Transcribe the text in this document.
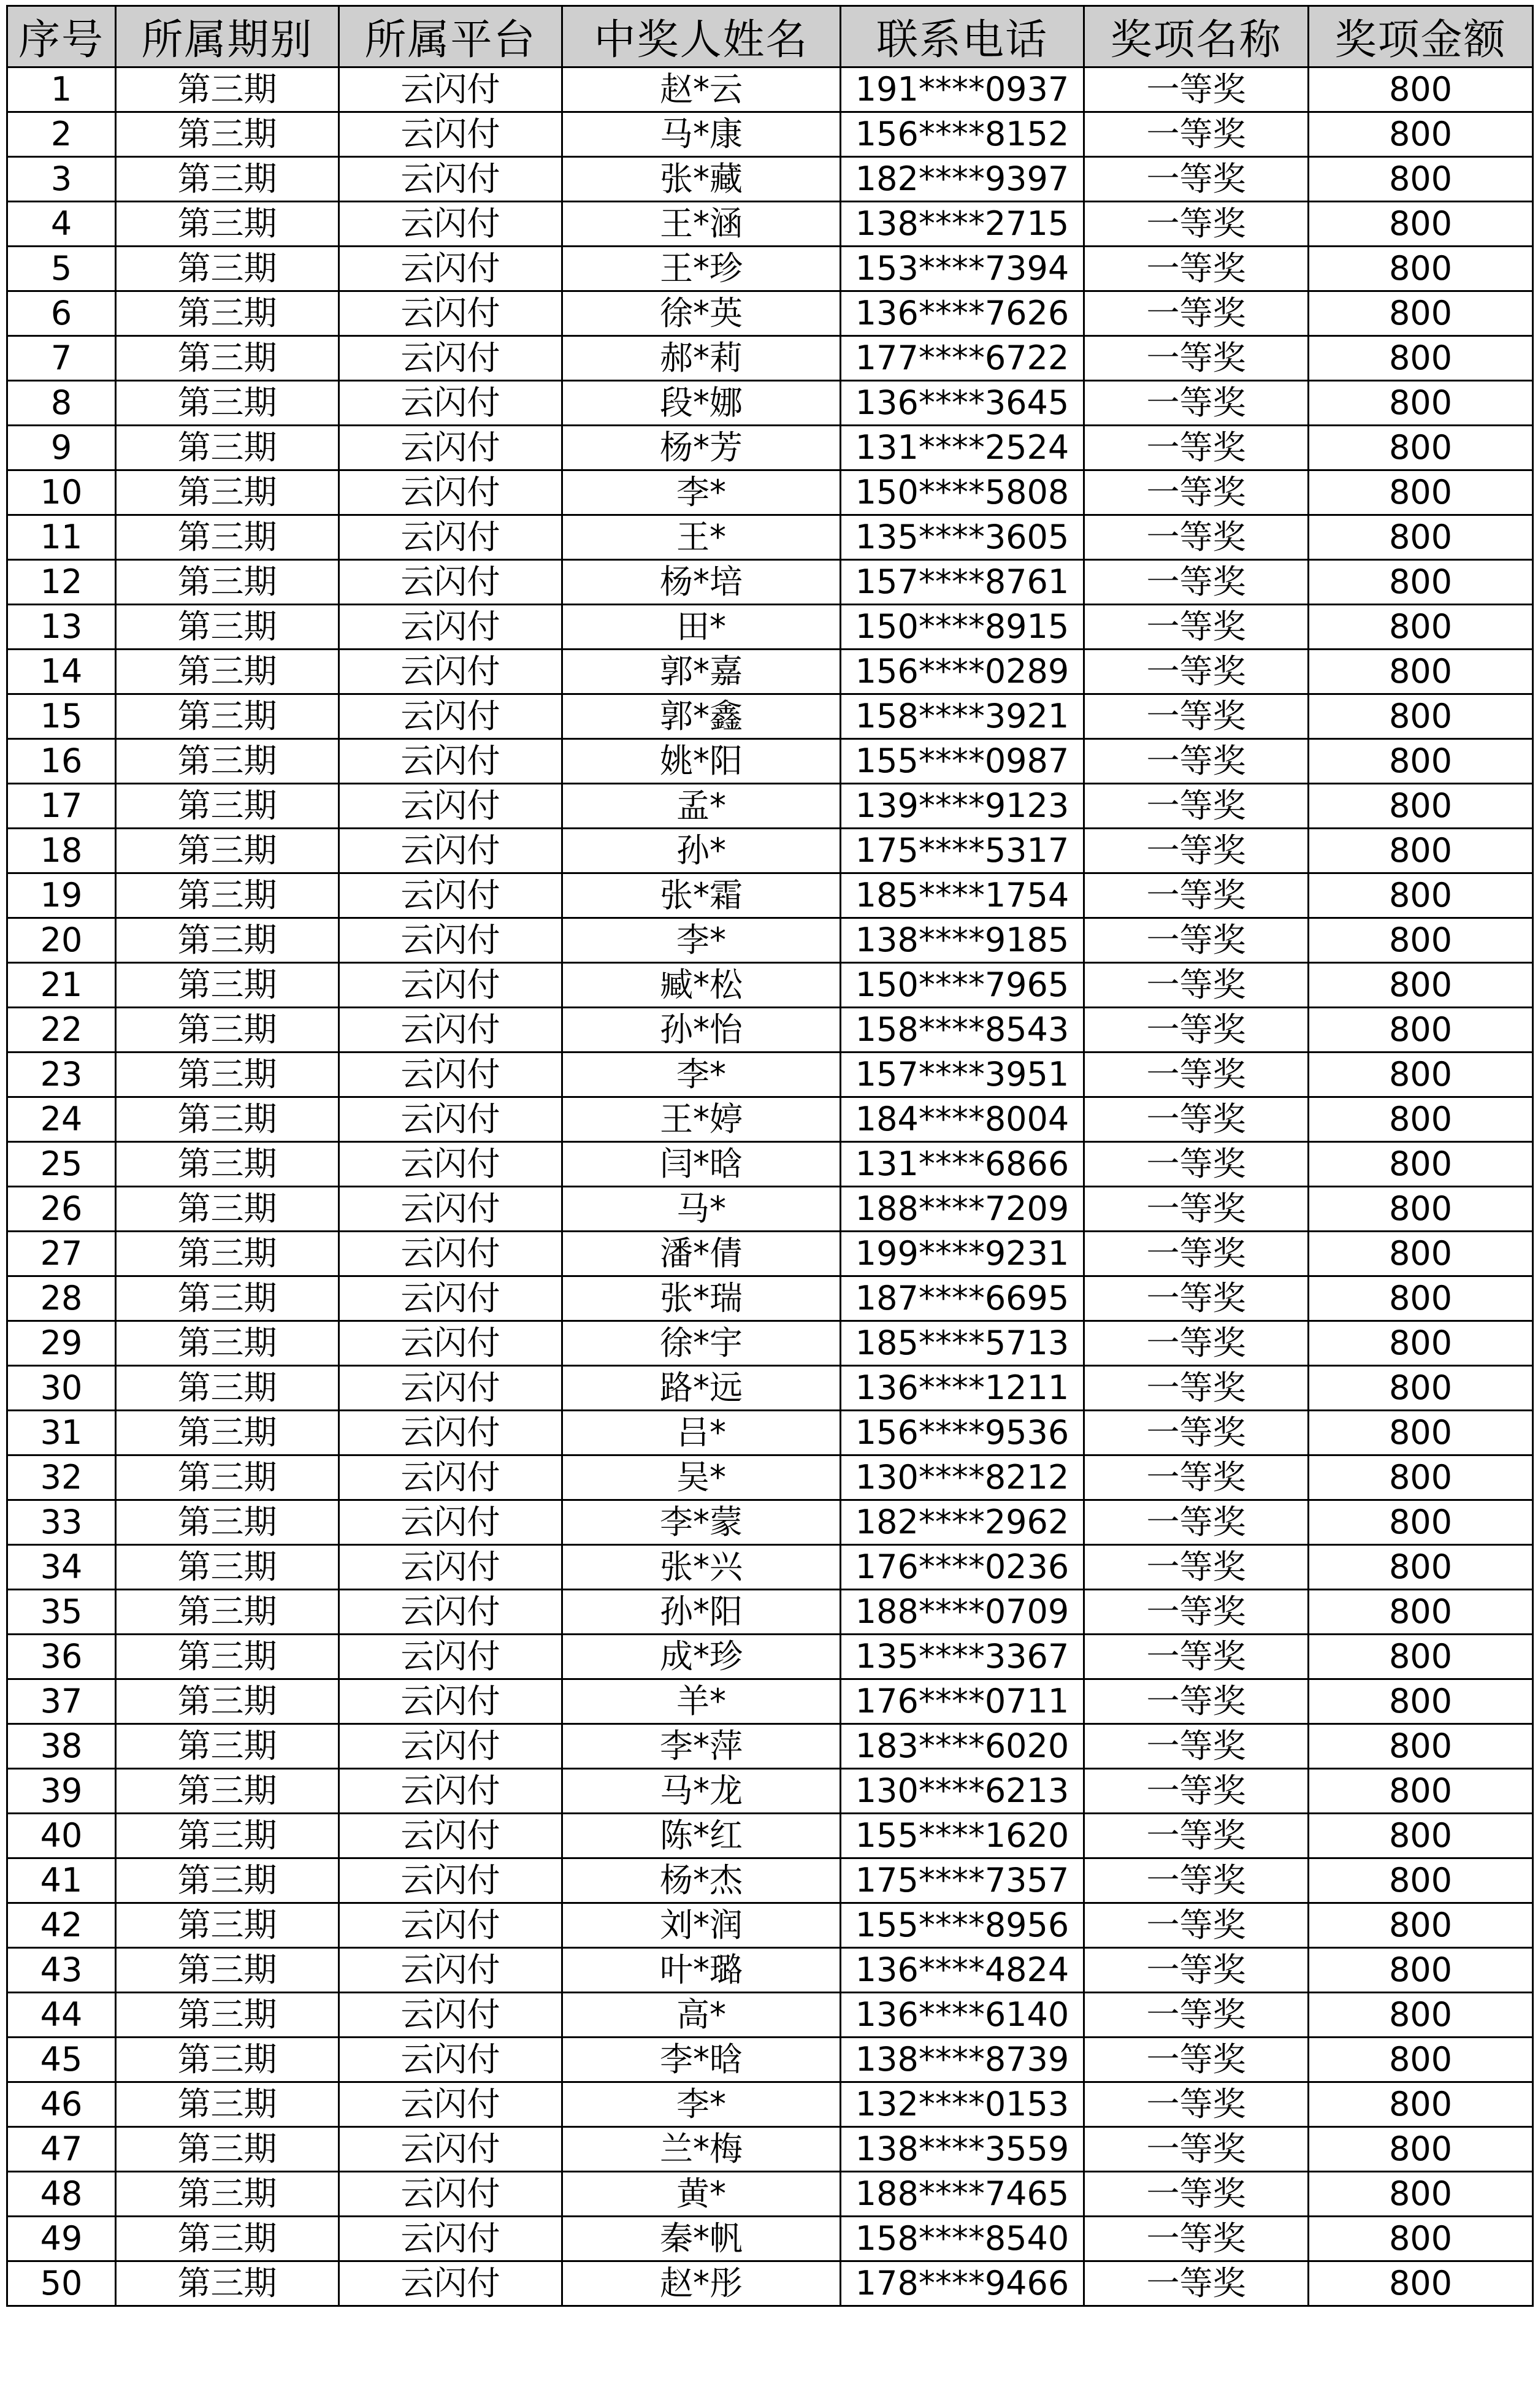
序号	所属期别	所属平台	中奖人姓名	联系电话	奖项名称	奖项金额
1	第三期	云闪付	赵*云	191****0937	一等奖	800
2	第三期	云闪付	马*康	156****8152	一等奖	800
3	第三期	云闪付	张*藏	182****9397	一等奖	800
4	第三期	云闪付	王*涵	138****2715	一等奖	800
5	第三期	云闪付	王*珍	153****7394	一等奖	800
6	第三期	云闪付	徐*英	136****7626	一等奖	800
7	第三期	云闪付	郝*莉	177****6722	一等奖	800
8	第三期	云闪付	段*娜	136****3645	一等奖	800
9	第三期	云闪付	杨*芳	131****2524	一等奖	800
10	第三期	云闪付	李*	150****5808	一等奖	800
11	第三期	云闪付	王*	135****3605	一等奖	800
12	第三期	云闪付	杨*培	157****8761	一等奖	800
13	第三期	云闪付	田*	150****8915	一等奖	800
14	第三期	云闪付	郭*嘉	156****0289	一等奖	800
15	第三期	云闪付	郭*鑫	158****3921	一等奖	800
16	第三期	云闪付	姚*阳	155****0987	一等奖	800
17	第三期	云闪付	孟*	139****9123	一等奖	800
18	第三期	云闪付	孙*	175****5317	一等奖	800
19	第三期	云闪付	张*霜	185****1754	一等奖	800
20	第三期	云闪付	李*	138****9185	一等奖	800
21	第三期	云闪付	臧*松	150****7965	一等奖	800
22	第三期	云闪付	孙*怡	158****8543	一等奖	800
23	第三期	云闪付	李*	157****3951	一等奖	800
24	第三期	云闪付	王*婷	184****8004	一等奖	800
25	第三期	云闪付	闫*晗	131****6866	一等奖	800
26	第三期	云闪付	马*	188****7209	一等奖	800
27	第三期	云闪付	潘*倩	199****9231	一等奖	800
28	第三期	云闪付	张*瑞	187****6695	一等奖	800
29	第三期	云闪付	徐*宇	185****5713	一等奖	800
30	第三期	云闪付	路*远	136****1211	一等奖	800
31	第三期	云闪付	吕*	156****9536	一等奖	800
32	第三期	云闪付	吴*	130****8212	一等奖	800
33	第三期	云闪付	李*蒙	182****2962	一等奖	800
34	第三期	云闪付	张*兴	176****0236	一等奖	800
35	第三期	云闪付	孙*阳	188****0709	一等奖	800
36	第三期	云闪付	成*珍	135****3367	一等奖	800
37	第三期	云闪付	羊*	176****0711	一等奖	800
38	第三期	云闪付	李*萍	183****6020	一等奖	800
39	第三期	云闪付	马*龙	130****6213	一等奖	800
40	第三期	云闪付	陈*红	155****1620	一等奖	800
41	第三期	云闪付	杨*杰	175****7357	一等奖	800
42	第三期	云闪付	刘*润	155****8956	一等奖	800
43	第三期	云闪付	叶*璐	136****4824	一等奖	800
44	第三期	云闪付	高*	136****6140	一等奖	800
45	第三期	云闪付	李*晗	138****8739	一等奖	800
46	第三期	云闪付	李*	132****0153	一等奖	800
47	第三期	云闪付	兰*梅	138****3559	一等奖	800
48	第三期	云闪付	黄*	188****7465	一等奖	800
49	第三期	云闪付	秦*帆	158****8540	一等奖	800
50	第三期	云闪付	赵*彤	178****9466	一等奖	800
